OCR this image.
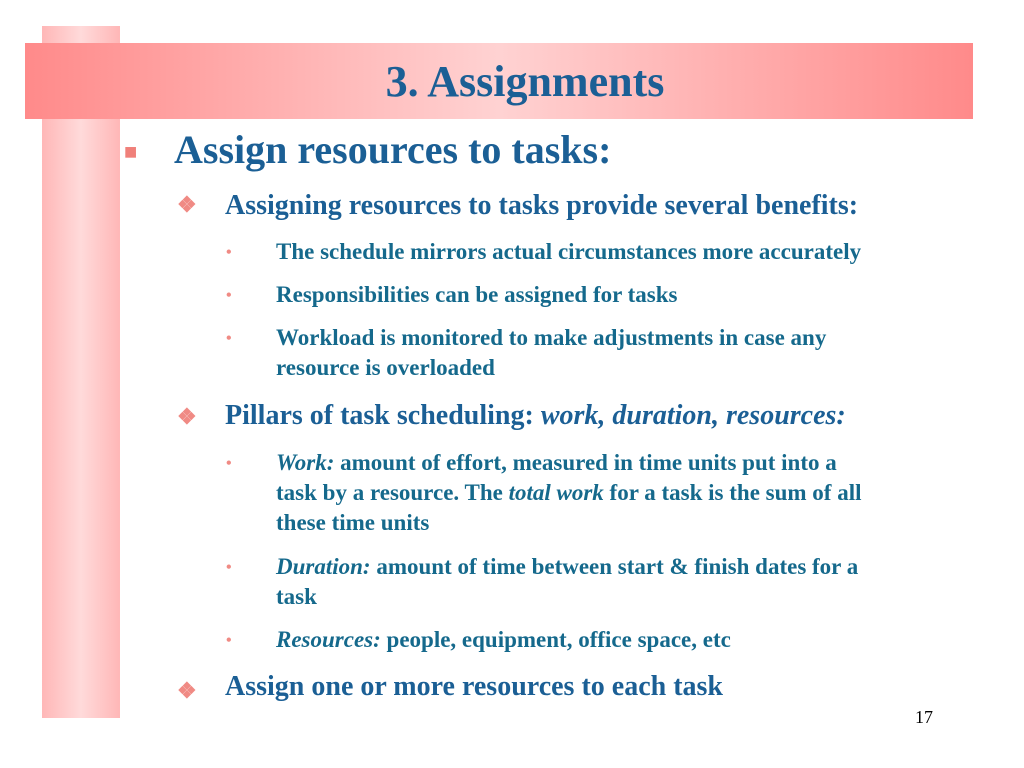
3. Assignments
■ Assign resources to tasks:
❖ Assigning resources to tasks provide several benefits:
• The schedule mirrors actual circumstances more accurately
• Responsibilities can be assigned for tasks
• Workload is monitored to make adjustments in case any
resource is overloaded
❖ Pillars of task scheduling: work, duration, resources:
• Work: amount of effort, measured in time units put into a
task by a resource. The total work for a task is the sum of all
these time units
• Duration: amount of time between start & finish dates for a
task
• Resources: people, equipment, office space, etc
❖ Assign one or more resources to each task
17
